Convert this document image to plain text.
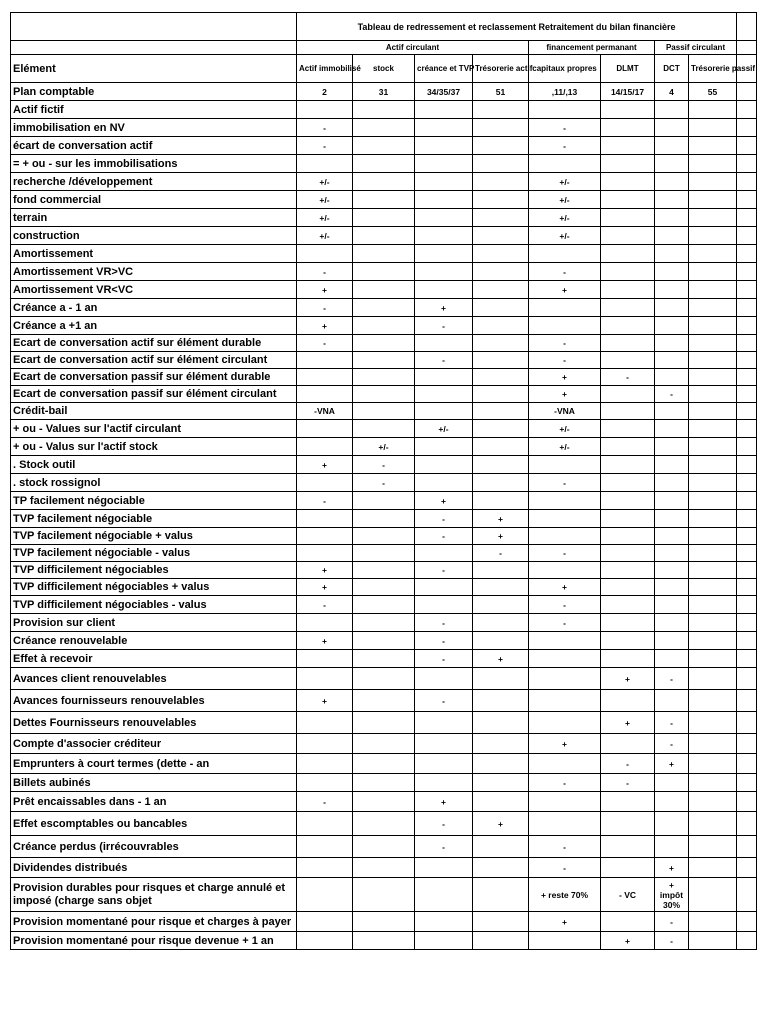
	Tableau de redressement et reclassement Retraitement du bilan financière								
	Actif circulant				financement permanant		Passif circulant		
Elément	Actif immobilisé	stock	créance et TVP	Trésorerie actif	capitaux propres	DLMT	DCT	Trésorerie passif	
Plan comptable	2	31	34/35/37	51	,11/,13	14/15/17	4	55	
Actif fictif									
immobilisation en NV	-				-				
écart de conversation actif	-				-				
= + ou - sur les immobilisations									
recherche /développement	+/-				+/-				
fond commercial	+/-				+/-				
terrain	+/-				+/-				
construction	+/-				+/-				
Amortissement									
Amortissement VR>VC	-				-				
Amortissement VR<VC	+				+				
Créance a - 1 an	-		+						
Créance a +1 an	+		-						
Ecart de conversation actif sur élément durable	-				-				
Ecart de conversation actif sur élément circulant			-		-				
Ecart de conversation passif sur élément durable					+	-			
Ecart de conversation passif sur élément circulant					+		-		
Crédit-bail	-VNA				-VNA				
+ ou - Values sur l'actif circulant			+/-		+/-				
+ ou - Valus sur l'actif stock		+/-			+/-				
. Stock outil	+	-							
. stock rossignol		-			-				
TP facilement négociable	-		+						
TVP facilement négociable			-	+					
TVP facilement négociable + valus			-	+					
TVP facilement négociable - valus				-	-				
TVP difficilement négociables	+		-						
TVP difficilement négociables + valus	+				+				
TVP difficilement négociables - valus	-				-				
Provision sur client			-		-				
Créance renouvelable	+		-						
Effet à recevoir			-	+					
Avances client renouvelables						+	-		
Avances fournisseurs renouvelables	+		-						
Dettes Fournisseurs renouvelables						+	-		
Compte d'associer créditeur					+		-		
Emprunters à court termes (dette - an						-	+		
Billets aubinés					-	-			
Prêt encaissables dans - 1 an	-		+						
Effet escomptables ou bancables			-	+					
Créance perdus (irrécouvrables			-		-				
Dividendes distribués					-		+		
Provision durables pour risques et charge annulé et imposé (charge sans objet					+ reste 70%	- VC	+ impôt 30%		
Provision momentané pour risque et charges à payer					+		-		
Provision momentané pour risque devenue + 1 an						+	-		
